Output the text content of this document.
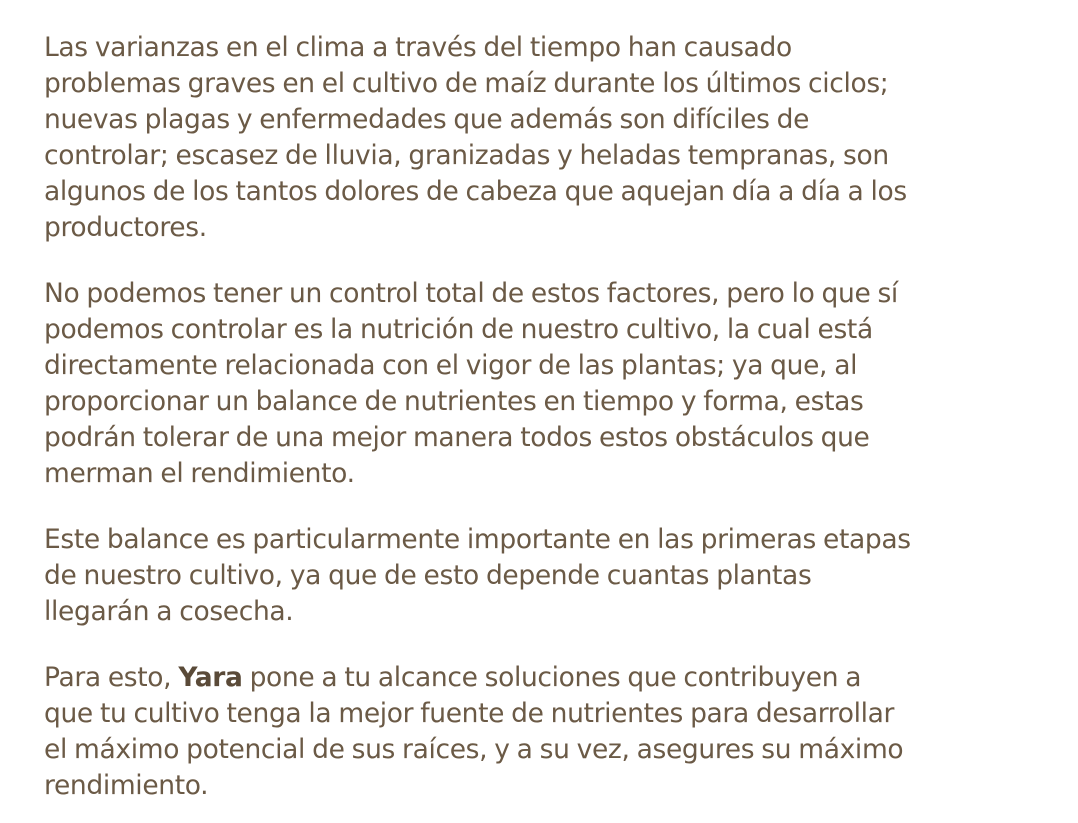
Las varianzas en el clima a través del tiempo han causado
problemas graves en el cultivo de maíz durante los últimos ciclos;
nuevas plagas y enfermedades que además son difíciles de
controlar; escasez de lluvia, granizadas y heladas tempranas, son
algunos de los tantos dolores de cabeza que aquejan día a día a los
productores.

No podemos tener un control total de estos factores, pero lo que sí
podemos controlar es la nutrición de nuestro cultivo, la cual está
directamente relacionada con el vigor de las plantas; ya que, al
proporcionar un balance de nutrientes en tiempo y forma, estas
podrán tolerar de una mejor manera todos estos obstáculos que
merman el rendimiento.

Este balance es particularmente importante en las primeras etapas
de nuestro cultivo, ya que de esto depende cuantas plantas
llegarán a cosecha.

Para esto, Yara pone a tu alcance soluciones que contribuyen a
que tu cultivo tenga la mejor fuente de nutrientes para desarrollar
el máximo potencial de sus raíces, y a su vez, asegures su máximo
rendimiento.
